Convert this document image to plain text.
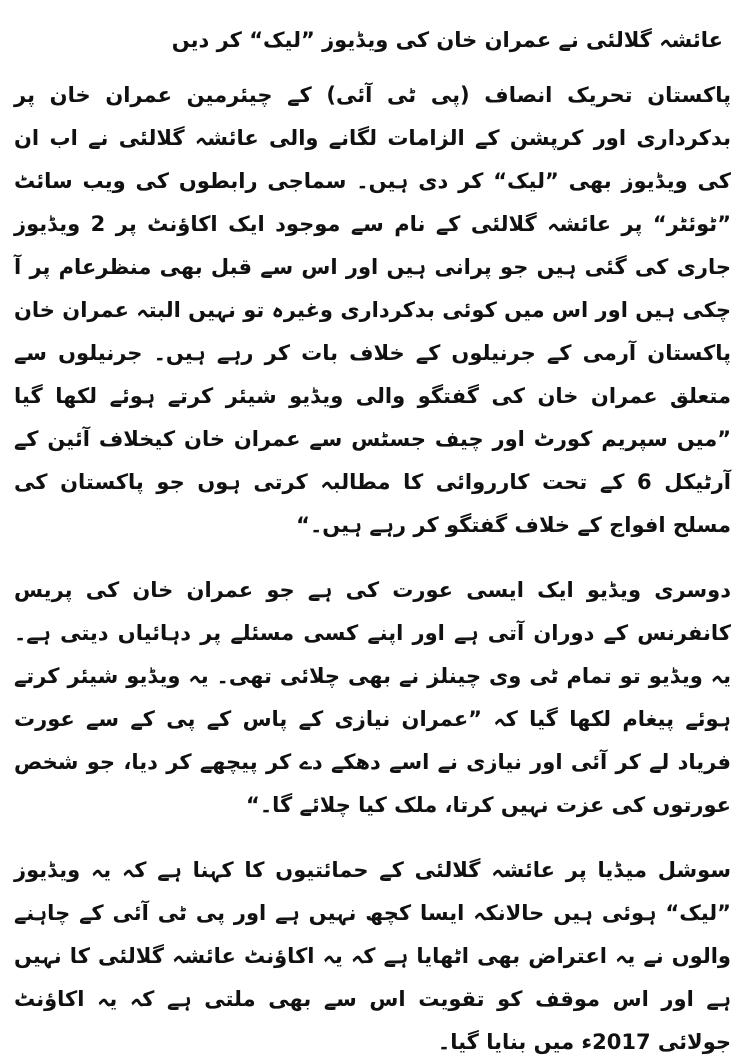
عائشہ گلالئی نے عمران خان کی ویڈیوز ”لیک“ کر دیں

پاکستان تحریک انصاف (پی ٹی آئی) کے چیئرمین عمران خان پر بدکرداری اور کرپشن کے الزامات لگانے والی عائشہ گلالئی نے اب ان کی ویڈیوز بھی ”لیک“ کر دی ہیں۔ سماجی رابطوں کی ویب سائٹ ”ٹوئٹر“ پر عائشہ گلالئی کے نام سے موجود ایک اکاؤنٹ پر 2 ویڈیوز جاری کی گئی ہیں جو پرانی ہیں اور اس سے قبل بھی منظرعام پر آ چکی ہیں اور اس میں کوئی بدکرداری وغیرہ تو نہیں البتہ عمران خان پاکستان آرمی کے جرنیلوں کے خلاف بات کر رہے ہیں۔ جرنیلوں سے متعلق عمران خان کی گفتگو والی ویڈیو شیئر کرتے ہوئے لکھا گیا ”میں سپریم کورٹ اور چیف جسٹس سے عمران خان کیخلاف آئین کے آرٹیکل 6 کے تحت کارروائی کا مطالبہ کرتی ہوں جو پاکستان کی مسلح افواج کے خلاف گفتگو کر رہے ہیں۔“

دوسری ویڈیو ایک ایسی عورت کی ہے جو عمران خان کی پریس کانفرنس کے دوران آتی ہے اور اپنے کسی مسئلے پر دہائیاں دیتی ہے۔ یہ ویڈیو تو تمام ٹی وی چینلز نے بھی چلائی تھی۔ یہ ویڈیو شیئر کرتے ہوئے پیغام لکھا گیا کہ ”عمران نیازی کے پاس کے پی کے سے عورت فریاد لے کر آئی اور نیازی نے اسے دھکے دے کر پیچھے کر دیا، جو شخص عورتوں کی عزت نہیں کرتا، ملک کیا چلائے گا۔“

سوشل میڈیا پر عائشہ گلالئی کے حمائتیوں کا کہنا ہے کہ یہ ویڈیوز ”لیک“ ہوئی ہیں حالانکہ ایسا کچھ نہیں ہے اور پی ٹی آئی کے چاہنے والوں نے یہ اعتراض بھی اٹھایا ہے کہ یہ اکاؤنٹ عائشہ گلالئی کا نہیں ہے اور اس موقف کو تقویت اس سے بھی ملتی ہے کہ یہ اکاؤنٹ جولائی 2017ء میں بنایا گیا۔
